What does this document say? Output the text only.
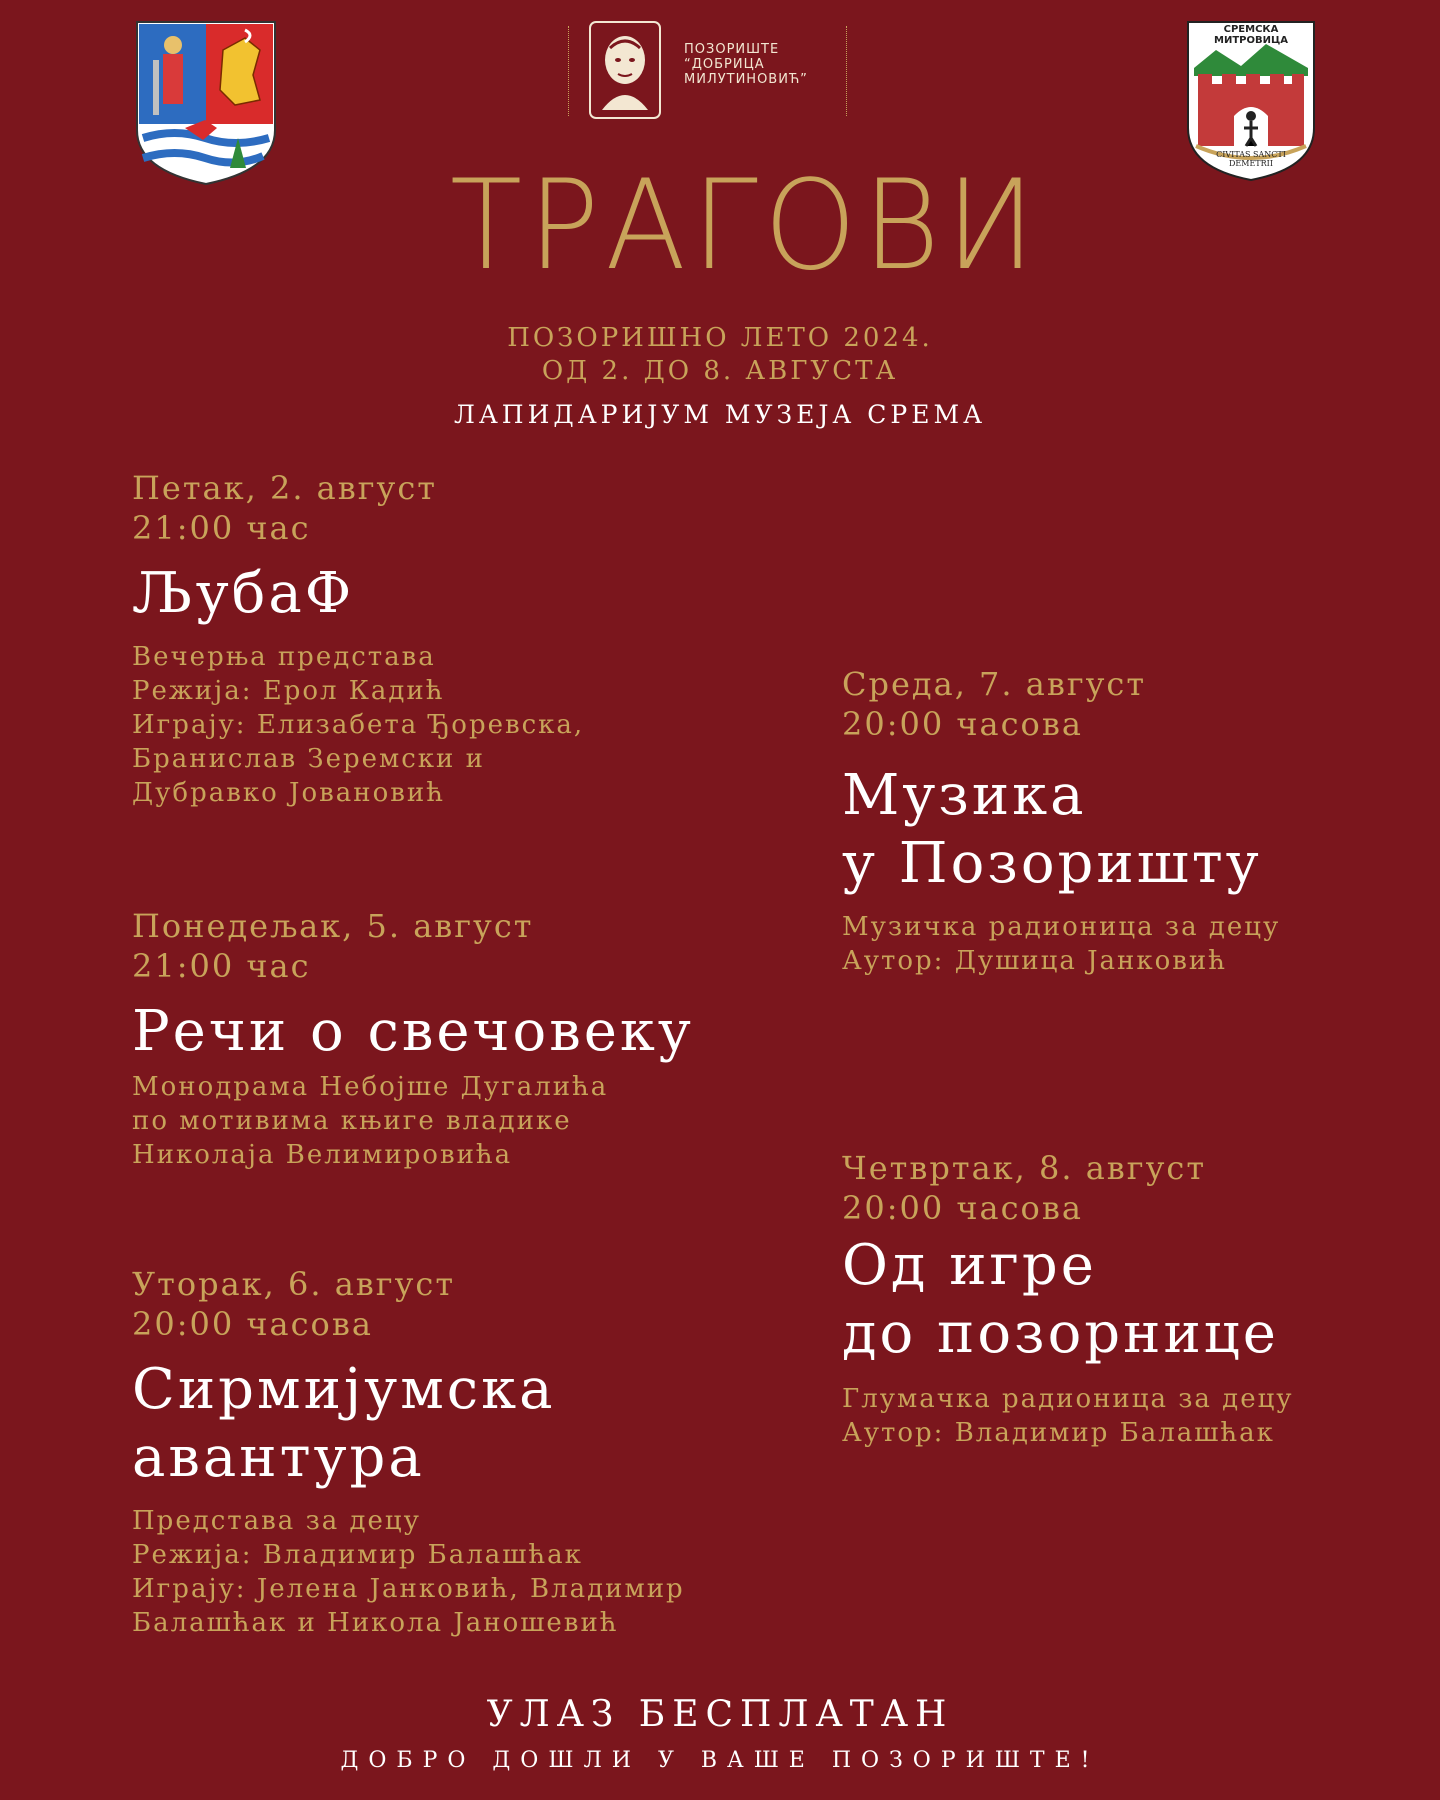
ПОЗОРИШТЕ
“ДОБРИЦА
МИЛУТИНОВИЋ”
СРЕМСКА МИТРОВИЦА
CIVITAS SANCTI DEMETRII
ТРАГОВИ
ПОЗОРИШНО ЛЕТО 2024.
ОД 2. ДО 8. АВГУСТА
ЛАПИДАРИЈУМ МУЗЕЈА СРЕМА
Петак, 2. август
21:00 час
ЉубаФ
Вечерња представа
Режија: Ерол Кадић
Играју: Елизабета Ђоревска,
Бранислав Зеремски и
Дубравко Јовановић
Понедељак, 5. август
21:00 час
Речи о свечовеку
Монодрама Небојше Дугалића
по мотивима књиге владике
Николаја Велимировића
Уторак, 6. август
20:00 часова
Сирмијумска
авантура
Представа за децу
Режија: Владимир Балашћак
Играју: Јелена Јанковић, Владимир
Балашћак и Никола Јаношевић
Среда, 7. август
20:00 часова
Музика
у Позоришту
Музичка радионица за децу
Аутор: Душица Јанковић
Четвртак, 8. август
20:00 часова
Од игре
до позорнице
Глумачка радионица за децу
Аутор: Владимир Балашћак
УЛАЗ БЕСПЛАТАН
ДОБРО ДОШЛИ У ВАШЕ ПОЗОРИШТЕ!
